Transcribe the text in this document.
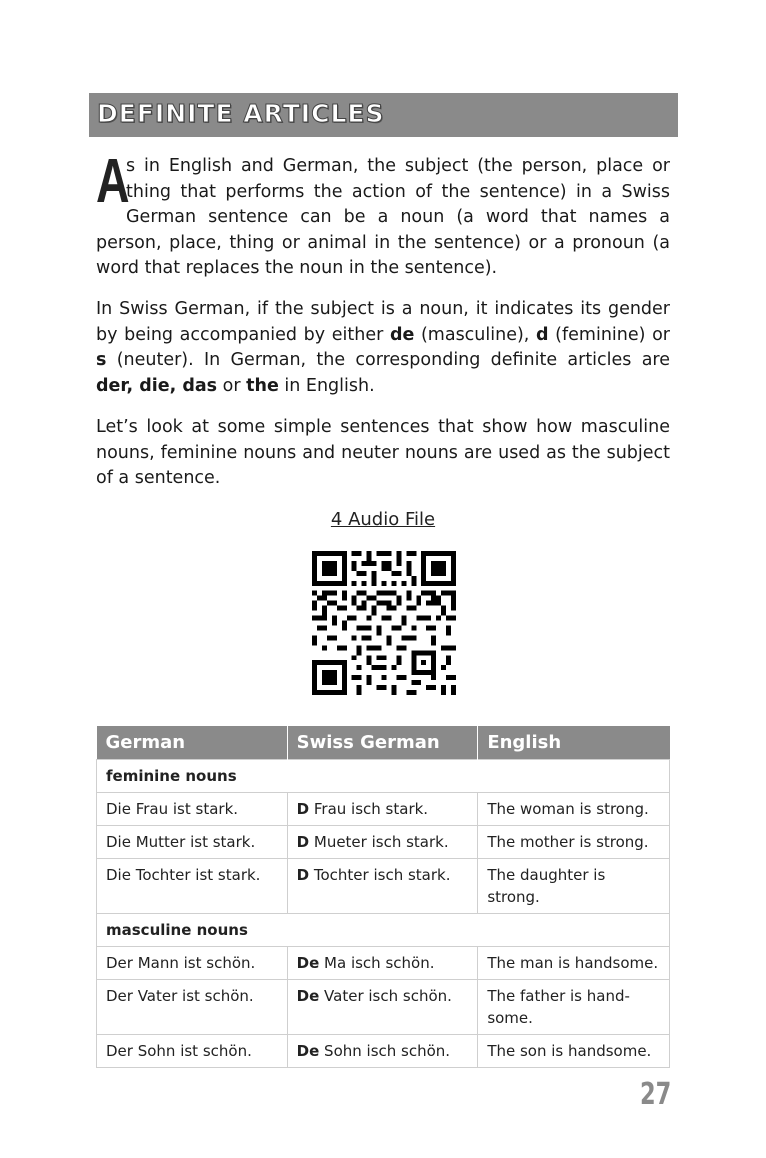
DEFINITE ARTICLES
A
s in English and German, the subject (the person, place or thing that performs the action of the sentence) in a Swiss German sentence can be a noun (a word that names a person, place, thing or animal in the sentence) or a pronoun (a word that replaces the noun in the sentence).
In Swiss German, if the subject is a noun, it indicates its gender by being accompanied by either de (masculine), d (feminine) or s (neuter). In German, the corresponding definite articles are der, die, das or the in English.
Let’s look at some simple sentences that show how masculine nouns, feminine nouns and neuter nouns are used as the subject of a sentence.
4 Audio File
German	Swiss German	English
feminine nouns		
Die Frau ist stark.	D Frau isch stark.	The woman is strong.
Die Mutter ist stark.	D Mueter isch stark.	The mother is strong.
Die Tochter ist stark.	D Tochter isch stark.	The daughter is strong.
masculine nouns		
Der Mann ist schön.	De Ma isch schön.	The man is handsome.
Der Vater ist schön.	De Vater isch schön.	The father is hand-some.
Der Sohn ist schön.	De Sohn isch schön.	The son is handsome.
27
